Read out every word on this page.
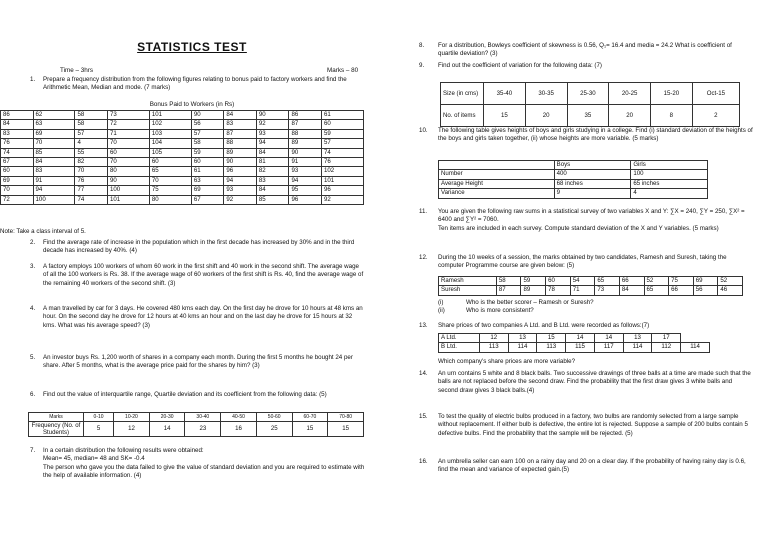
STATISTICS TEST
Time – 3hrs	Marks – 80
1.	Prepare a frequency distribution from the following figures relating to bonus paid to factory workers and find the Arithmetic Mean, Median and mode. (7 marks)
Bonus Paid to Workers (in Rs)
86	62	58	73	101	90	84	90	86	61
84	63	58	72	102	56	83	92	87	60
83	69	57	71	103	57	87	93	88	59
76	70	4	70	104	58	88	94	89	57
74	85	55	60	105	59	89	84	90	74
67	84	82	70	60	60	90	81	91	76
60	83	70	80	65	61	96	82	93	102
69	91	76	90	70	63	94	83	94	101
70	94	77	100	75	69	93	84	95	96
72	100	74	101	80	67	92	85	96	92
Note: Take a class interval of 5.
2.	Find the average rate of increase in the population which in the first decade has increased by 30% and in the third decade has increased by 40%. (4)
3.	A factory employs 100 workers of whom 60 work in the first shift and 40 work in the second shift. The average wage of all the 100 workers is Rs. 38. If the average wage of 60 workers of the first shift is Rs. 40, find the average wage of the remaining 40 workers of the second shift. (3)
4.	A man travelled by car for 3 days. He covered 480 kms each day. On the first day he drove for 10 hours at 48 kms an hour. On the second day he drove for 12 hours at 40 kms an hour and on the last day he drove for 15 hours at 32 kms. What was his average speed? (3)
5.	An investor buys Rs. 1,200 worth of shares in a company each month. During the first 5 months he bought 24 per share. After 5 months, what is the average price paid for the shares by him? (3)
6.	Find out the value of interquartile range, Quartile deviation and its coefficient from the following data: (5)
Marks	0-10	10-20	20-30	30-40	40-50	50-60	60-70	70-80
Frequency (No. of Students)	5	12	14	23	16	25	15	15
7.	In a certain distribution the following results were obtained:
Mean= 45, median= 48 and SK= -0.4
The person who gave you the data failed to give the value of standard deviation and you are required to estimate with the help of available information. (4)
8.	For a distribution, Bowleys coefficient of skewness is 0.56, Q₁= 16.4 and media = 24.2 What is coefficient of quartile deviation? (3)
9.	Find out the coefficient of variation for the following data: (7)
Size (in cms)	35-40	30-35	25-30	20-25	15-20	Oct-15
No. of items	15	20	35	20	8	2
10.	The following table gives heights of boys and girls studying in a college. Find (i) standard deviation of the heights of the boys and girls taken together, (ii) whose heights are more variable. (5 marks)
	Boys	Girls
Number	400	100
Average Height	68 inches	65 inches
Variance	9	4
11.	You are given the following raw sums in a statistical survey of two variables X and Y: ∑X = 240, ∑Y = 250, ∑X² = 6400 and ∑Y² = 7060.
Ten items are included in each survey. Compute standard deviation of the X and Y variables. (5 marks)
12.	During the 10 weeks of a session, the marks obtained by two candidates, Ramesh and Suresh, taking the computer Programme course are given below: (5)
Ramesh	58	59	60	54	65	66	52	75	69	52
Suresh	87	89	78	71	73	84	65	66	56	46
(i)	Who is the better scorer – Ramesh or Suresh?
(ii)	Who is more consistent?
13.	Share prices of two companies A Ltd. and B Ltd. were recorded as follows:(7)
A Ltd.	12	13	15	14	14	13	17	
B Ltd.	113	114	113	115	117	114	112	114
Which company's share prices are more variable?
14.	An urn contains 5 white and 8 black balls. Two successive drawings of three balls at a time are made such that the balls are not replaced before the second draw. Find the probability that the first draw gives 3 white balls and second draw gives 3 black balls.(4)
15.	To test the quality of electric bulbs produced in a factory, two bulbs are randomly selected from a large sample without replacement. If either bulb is defective, the entire lot is rejected. Suppose a sample of 200 bulbs contain 5 defective bulbs. Find the probability that the sample will be rejected. (5)
16.	An umbrella seller can earn 100 on a rainy day and 20 on a clear day. If the probability of having rainy day is 0.6, find the mean and variance of expected gain.(5)
